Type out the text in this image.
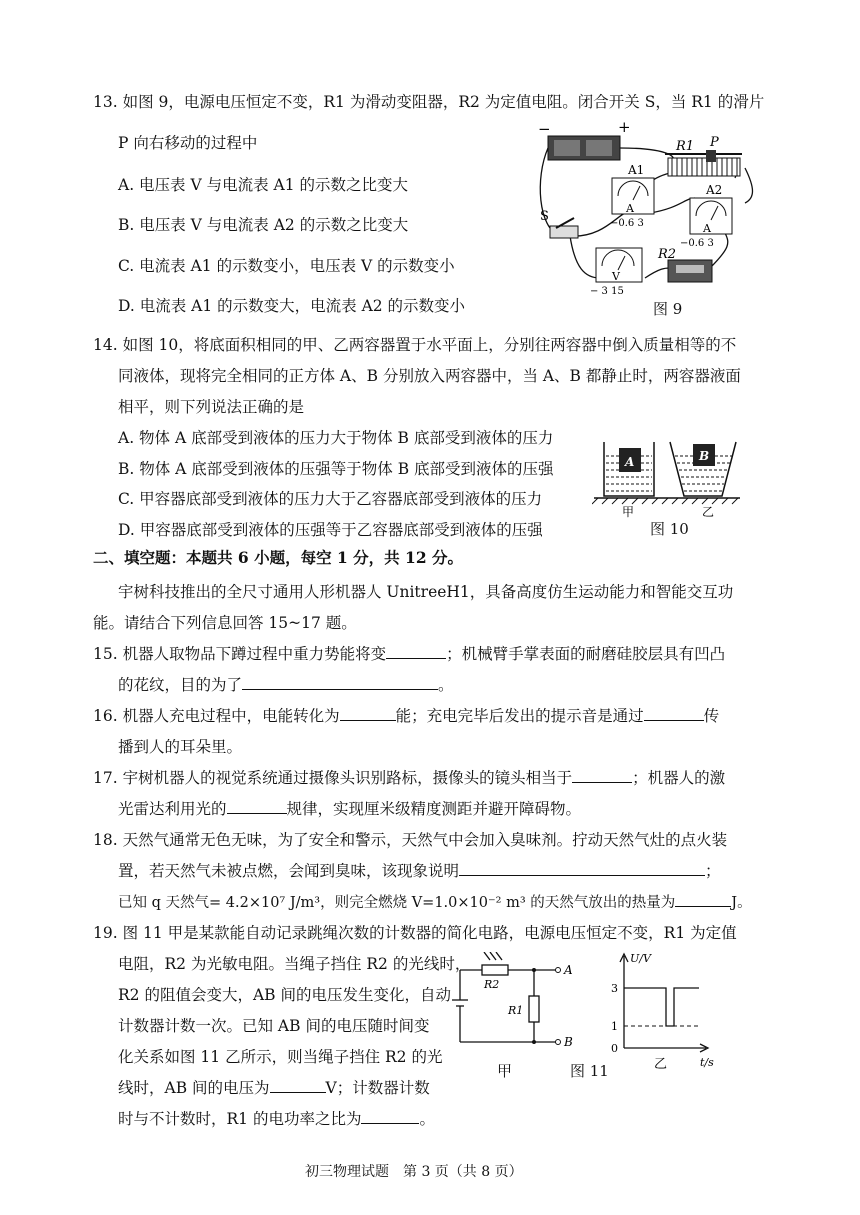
13. 如图 9，电源电压恒定不变，R1 为滑动变阻器，R2 为定值电阻。闭合开关 S，当 R1 的滑片
P 向右移动的过程中
A. 电压表 V 与电流表 A1 的示数之比变大
B. 电压表 V 与电流表 A2 的示数之比变大
C. 电流表 A1 的示数变小，电压表 V 的示数变小
D. 电流表 A1 的示数变大，电流表 A2 的示数变小
−	+
R1 P
A
A1
−0.6 3	A
A2
−0.6 3
S
V
− 3 15
R2
图 9
14. 如图 10，将底面积相同的甲、乙两容器置于水平面上，分别往两容器中倒入质量相等的不
同液体，现将完全相同的正方体 A、B 分别放入两容器中，当 A、B 都静止时，两容器液面
相平，则下列说法正确的是
A. 物体 A 底部受到液体的压力大于物体 B 底部受到液体的压力
B. 物体 A 底部受到液体的压强等于物体 B 底部受到液体的压强
C. 甲容器底部受到液体的压力大于乙容器底部受到液体的压力
D. 甲容器底部受到液体的压强等于乙容器底部受到液体的压强
A	B
甲	乙
图 10
二、填空题：本题共 6 小题，每空 1 分，共 12 分。
宇树科技推出的全尺寸通用人形机器人 UnitreeH1，具备高度仿生运动能力和智能交互功
能。请结合下列信息回答 15~17 题。
15. 机器人取物品下蹲过程中重力势能将变	；机械臂手掌表面的耐磨硅胶层具有凹凸
的花纹，目的为了	。
16. 机器人充电过程中，电能转化为	能；充电完毕后发出的提示音是通过	传
播到人的耳朵里。
17. 宇树机器人的视觉系统通过摄像头识别路标，摄像头的镜头相当于	；机器人的激
光雷达利用光的	规律，实现厘米级精度测距并避开障碍物。
18. 天然气通常无色无味，为了安全和警示，天然气中会加入臭味剂。拧动天然气灶的点火装
置，若天然气未被点燃，会闻到臭味，该现象说明	；
已知 q 天然气= 4.2×10⁷ J/m³，则完全燃烧 V=1.0×10⁻² m³ 的天然气放出的热量为	J。
19. 图 11 甲是某款能自动记录跳绳次数的计数器的简化电路，电源电压恒定不变，R1 为定值
电阻，R2 为光敏电阻。当绳子挡住 R2 的光线时，
R2 的阻值会变大，AB 间的电压发生变化，自动
计数器计数一次。已知 AB 间的电压随时间变
化关系如图 11 乙所示，则当绳子挡住 R2 的光
线时，AB 间的电压为	V；计数器计数
时与不计数时，R1 的电功率之比为	。
A
B
R2
R1
甲	图 11
U/V
3
1
0
乙	t/s
初三物理试题　第 3 页（共 8 页）
